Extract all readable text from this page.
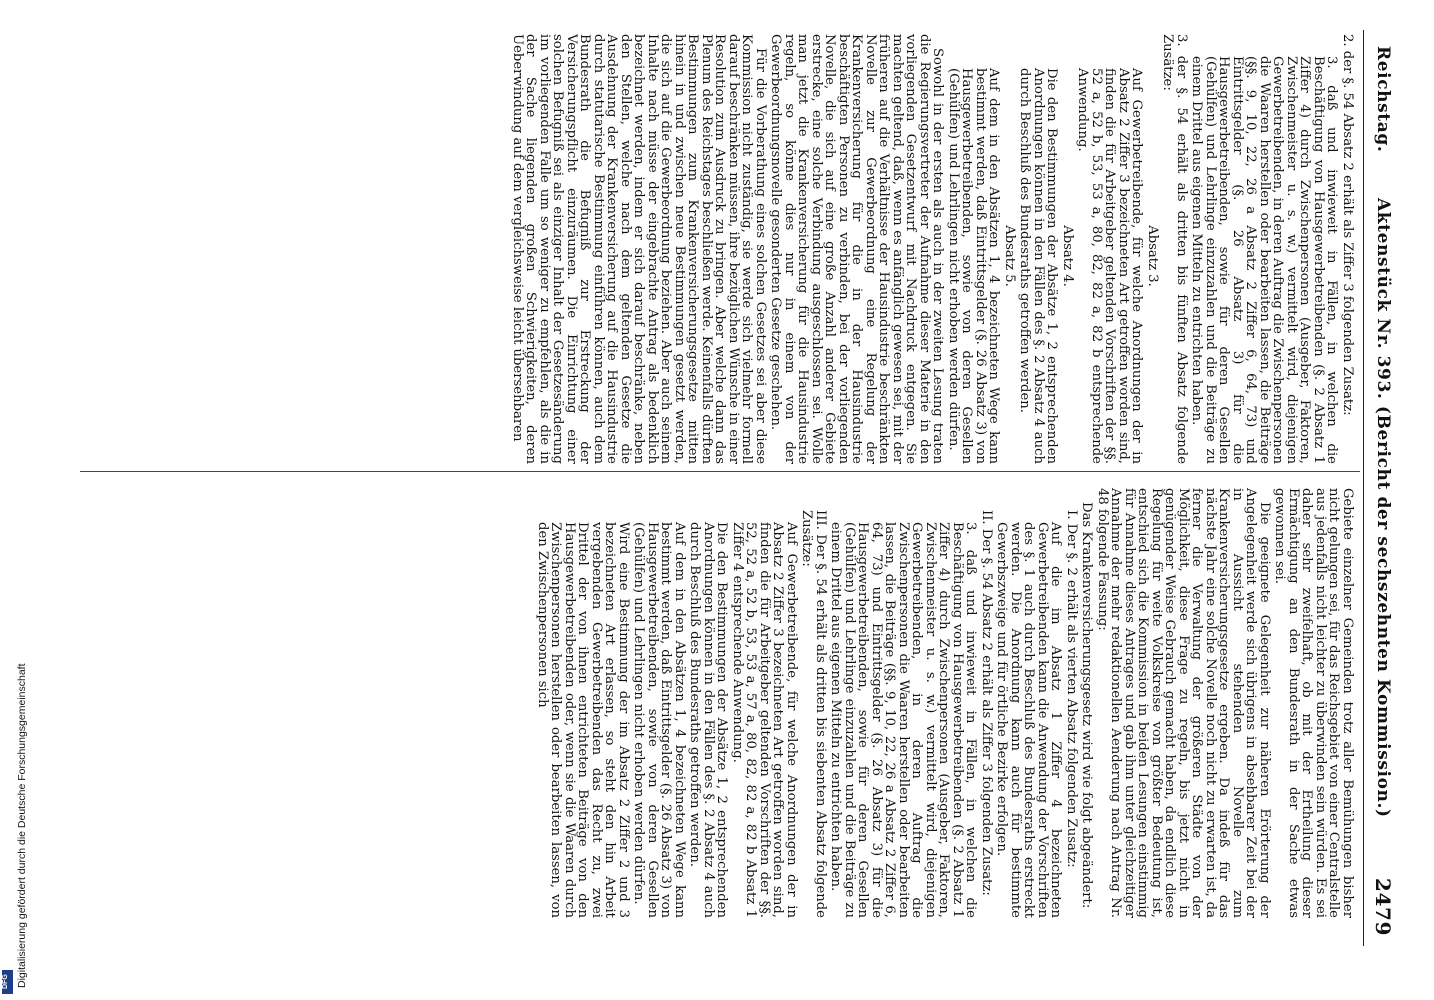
Reichstag.
Aktenstück Nr. 393. (Bericht der sechszehnten Kommission.)
2479

2. der §. 54 Absatz 2 erhält als Ziffer 3 folgenden Zusatz:

3. daß und inwieweit in Fällen, in welchen die Beschäftigung von Hausgewerbetreibenden (§. 2 Absatz 1 Ziffer 4) durch Zwischenpersonen (Ausgeber, Faktoren, Zwischenmeister u. s. w.) vermittelt wird, diejenigen Gewerbetreibenden, in deren Auftrag die Zwischenpersonen die Waaren herstellen oder bearbeiten lassen, die Beiträge (§§. 9, 10, 22, 26 a Absatz 2 Ziffer 6, 64, 73) und Eintrittsgelder (§. 26 Absatz 3) für die Hausgewerbetreibenden, sowie für deren Gesellen (Gehülfen) und Lehrlinge einzuzahlen und die Beiträge zu einem Drittel aus eigenen Mitteln zu entrichten haben.

3. der §. 54 erhält als dritten bis fünften Absatz folgende Zusätze:

Absatz 3.

Auf Gewerbetreibende, für welche Anordnungen der in Absatz 2 Ziffer 3 bezeichneten Art getroffen worden sind, finden die für Arbeitgeber geltenden Vorschriften der §§. 52 a, 52 b, 53, 53 a, 80, 82, 82 a, 82 b entsprechende Anwendung.

Absatz 4.

Die den Bestimmungen der Absätze 1, 2 entsprechenden Anordnungen können in den Fällen des §. 2 Absatz 4 auch durch Beschluß des Bundesraths getroffen werden.

Absatz 5.

Auf dem in den Absätzen 1, 4 bezeichneten Wege kann bestimmt werden, daß Eintrittsgelder (§. 26 Absatz 3) von Hausgewerbetreibenden, sowie von deren Gesellen (Gehülfen) und Lehrlingen nicht erhoben werden dürfen.

Sowohl in der ersten als auch in der zweiten Lesung traten die Regierungsvertreter der Aufnahme dieser Materie in den vorliegenden Gesetzentwurf mit Nachdruck entgegen. Sie machten geltend, daß, wenn es anfänglich gewesen sei, mit der früheren auf die Verhältnisse der Hausindustrie beschränkten Novelle zur Gewerbeordnung eine Regelung der Krankenversicherung für die in der Hausindustrie beschäftigten Personen zu verbinden, bei der vorliegenden Novelle, die sich auf eine große Anzahl anderer Gebiete erstrecke, eine solche Verbindung ausgeschlossen sei. Wolle man jetzt die Krankenversicherung für die Hausindustrie regeln, so könne dies nur in einem von der Gewerbeordnungsnovelle gesonderten Gesetze geschehen.

Für die Vorberathung eines solchen Gesetzes sei aber diese Kommission nicht zuständig, sie werde sich vielmehr formell darauf beschränken müssen, ihre bezüglichen Wünsche in einer Resolution zum Ausdruck zu bringen. Aber welche dann das Plenum des Reichstages beschließen werde. Keinenfalls dürften Bestimmungen zum Krankenversicherungsgesetze mitten hinein in und zwischen neue Bestimmungen gesetzt werden, die sich auf die Gewerbeordnung beziehen. Aber auch seinem Inhalte nach müsse der eingebrachte Antrag als bedenklich bezeichnet werden, indem er sich darauf beschränke, neben den Stellen, welche nach dem geltenden Gesetze die Ausdehnung der Krankenversicherung auf die Hausindustrie durch statutarische Bestimmung einführen können, auch dem Bundesrath die Befugniß zur Erstreckung der Versicherungspflicht einzuräumen. Die Einrichtung einer solchen Befugniß sei als einziger Inhalt der Gesetzesänderung im vorliegenden Falle um so weniger zu empfehlen, als die in der Sache liegenden großen Schwierigkeiten, deren Ueberwindung auf dem vergleichsweise leicht übersehbaren

Gebiete einzelner Gemeinden trotz aller Bemühungen bisher nicht gelungen sei, für das Reichsgebiet von einer Centralstelle aus jedenfalls nicht leichter zu überwinden sein würden. Es sei daher sehr zweifelhaft, ob mit der Ertheilung dieser Ermächtigung an den Bundesrath in der Sache etwas gewonnen sei.

Die geeignete Gelegenheit zur näheren Erörterung der Angelegenheit werde sich übrigens in absehbarer Zeit bei der in Aussicht stehenden Novelle zum Krankenversicherungsgesetze ergeben. Da indeß für das nächste Jahr eine solche Novelle noch nicht zu erwarten ist, da ferner die Verwaltung der größeren Städte von der Möglichkeit, diese Frage zu regeln, bis jetzt nicht in genügender Weise Gebrauch gemacht haben, da endlich diese Regelung für weite Volkskreise von größter Bedeutung ist, entschied sich die Kommission in beiden Lesungen einstimmig für Annahme dieses Antrages und gab ihm unter gleichzeitiger Annahme der mehr redaktionellen Aenderung nach Antrag Nr. 48 folgende Fassung:

Das Krankenversicherungsgesetz wird wie folgt abgeändert:

I. Der §. 2 erhält als vierten Absatz folgenden Zusatz:

Auf die im Absatz 1 Ziffer 4 bezeichneten Gewerbetreibenden kann die Anwendung der Vorschriften des §. 1 auch durch Beschluß des Bundesraths erstreckt werden. Die Anordnung kann auch für bestimmte Gewerbszweige und für örtliche Bezirke erfolgen.

II. Der §. 54 Absatz 2 erhält als Ziffer 3 folgenden Zusatz:

3. daß und inwieweit in Fällen, in welchen die Beschäftigung von Hausgewerbetreibenden (§. 2 Absatz 1 Ziffer 4) durch Zwischenpersonen (Ausgeber, Faktoren, Zwischenmeister u. s. w.) vermittelt wird, diejenigen Gewerbetreibenden, in deren Auftrag die Zwischenpersonen die Waaren herstellen oder bearbeiten lassen, die Beiträge (§§. 9, 10, 22, 26 a Absatz 2 Ziffer 6, 64, 73) und Eintrittsgelder (§. 26 Absatz 3) für die Hausgewerbetreibenden, sowie für deren Gesellen (Gehülfen) und Lehrlinge einzuzahlen und die Beiträge zu einem Drittel aus eigenen Mitteln zu entrichten haben.

III. Der §. 54 erhält als dritten bis siebenten Absatz folgende Zusätze:

Auf Gewerbetreibende, für welche Anordnungen der in Absatz 2 Ziffer 3 bezeichneten Art getroffen worden sind, finden die für Arbeitgeber geltenden Vorschriften der §§. 52, 52 a, 52 b, 53, 53 a, 57 a, 80, 82, 82 a, 82 b Absatz 1 Ziffer 4 entsprechende Anwendung.

Die den Bestimmungen der Absätze 1, 2 entsprechenden Anordnungen können in den Fällen des §. 2 Absatz 4 auch durch Beschluß des Bundesraths getroffen werden.

Auf dem in den Absätzen 1, 4 bezeichneten Wege kann bestimmt werden, daß Eintrittsgelder (§. 26 Absatz 3) von Hausgewerbetreibenden, sowie von deren Gesellen (Gehülfen) und Lehrlingen nicht erhoben werden dürfen.

Wird eine Bestimmung der im Absatz 2 Ziffer 2 und 3 bezeichneten Art erlassen, so steht den hin Arbeit vergebenden Gewerbetreibenden das Recht zu, zwei Drittel der von ihnen entrichteten Beiträge von den Hausgewerbetreibenden oder, wenn sie die Waaren durch Zwischenpersonen herstellen oder bearbeiten lassen, von den Zwischenpersonen sich

Digitalisierung gefördert durch die Deutsche Forschungsgemeinschaft
DFG
